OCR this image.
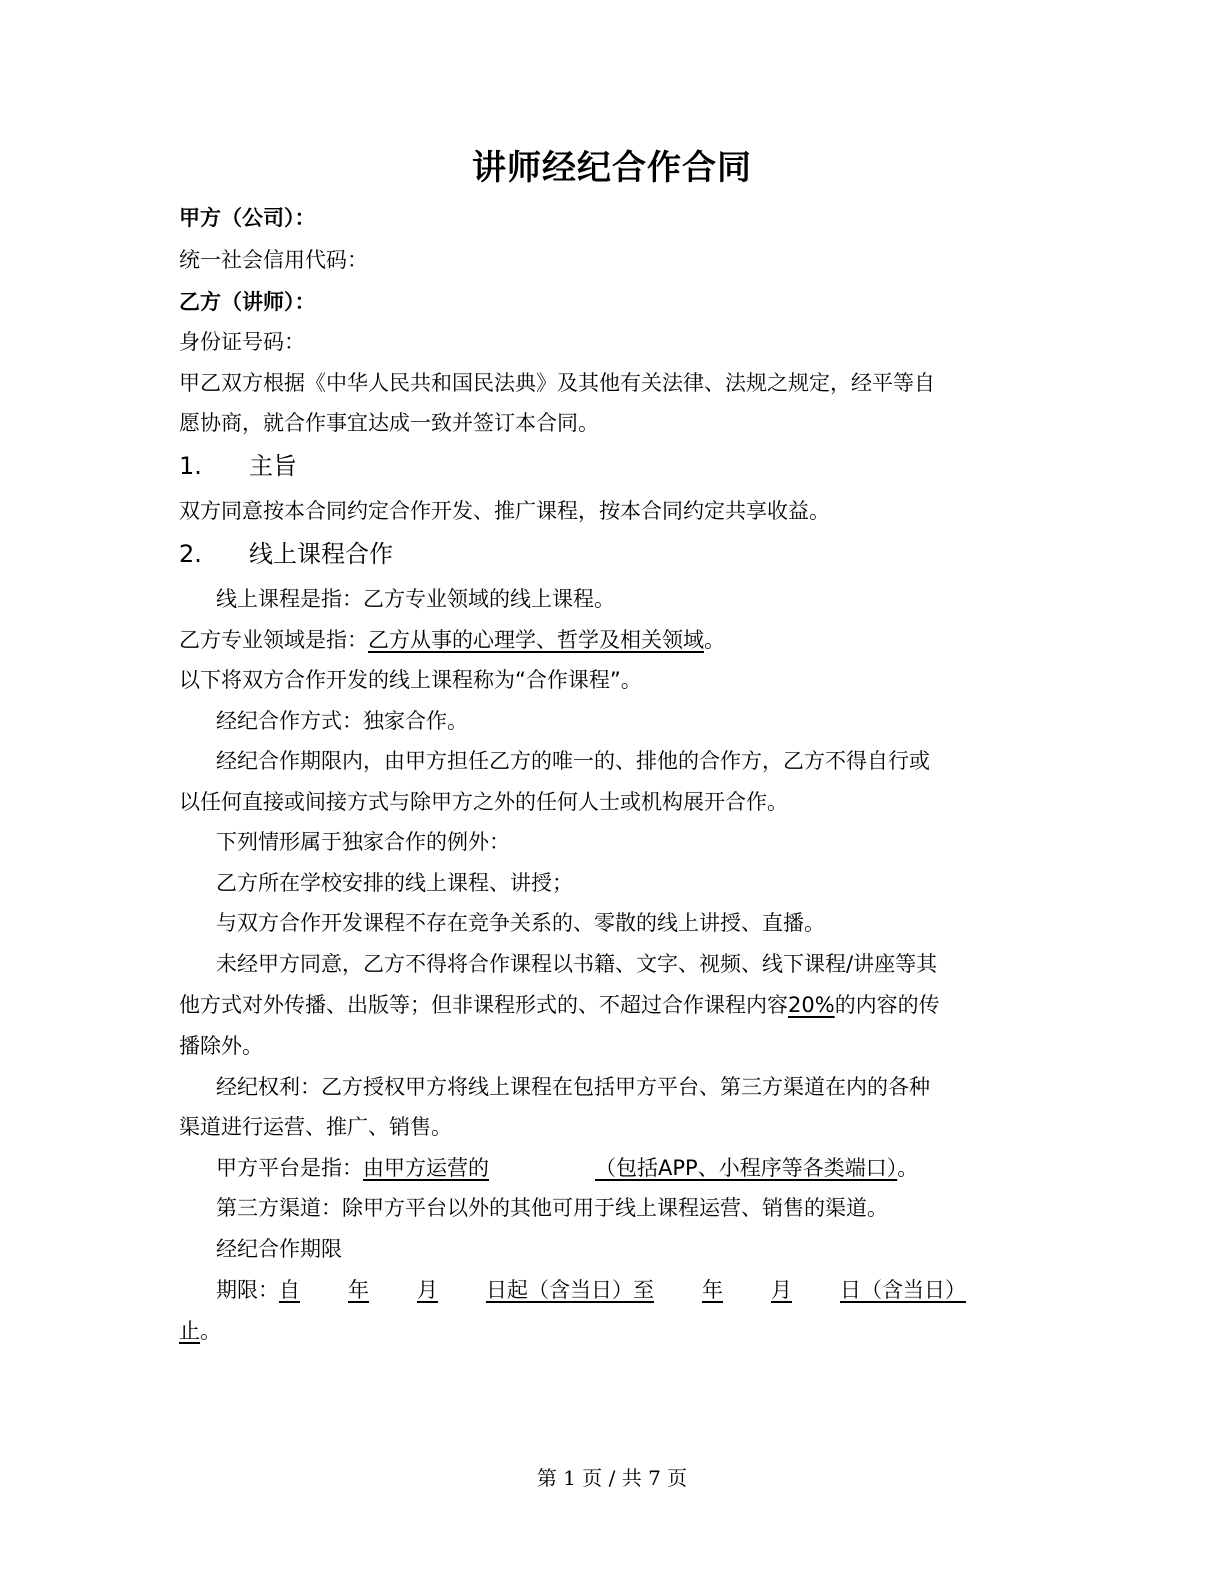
讲师经纪合作合同
甲方（公司）：
统一社会信用代码：
乙方（讲师）：
身份证号码：
甲乙双方根据《中华人民共和国民法典》及其他有关法律、法规之规定，经平等自
愿协商，就合作事宜达成一致并签订本合同。
1. 主旨
双方同意按本合同约定合作开发、推广课程，按本合同约定共享收益。
2. 线上课程合作
线上课程是指：乙方专业领域的线上课程。
乙方专业领域是指：乙方从事的心理学、哲学及相关领域。
以下将双方合作开发的线上课程称为“合作课程”。
经纪合作方式：独家合作。
经纪合作期限内，由甲方担任乙方的唯一的、排他的合作方，乙方不得自行或
以任何直接或间接方式与除甲方之外的任何人士或机构展开合作。
下列情形属于独家合作的例外：
乙方所在学校安排的线上课程、讲授；
与双方合作开发课程不存在竞争关系的、零散的线上讲授、直播。
未经甲方同意，乙方不得将合作课程以书籍、文字、视频、线下课程/讲座等其
他方式对外传播、出版等；但非课程形式的、不超过合作课程内容20%的内容的传
播除外。
经纪权利：乙方授权甲方将线上课程在包括甲方平台、第三方渠道在内的各种
渠道进行运营、推广、销售。
甲方平台是指：由甲方运营的	（包括APP、小程序等各类端口）。
第三方渠道：除甲方平台以外的其他可用于线上课程运营、销售的渠道。
经纪合作期限
期限：自 年 月 日起（含当日）至 年 月 日（含当日）
止。
第 1 页 / 共 7 页
